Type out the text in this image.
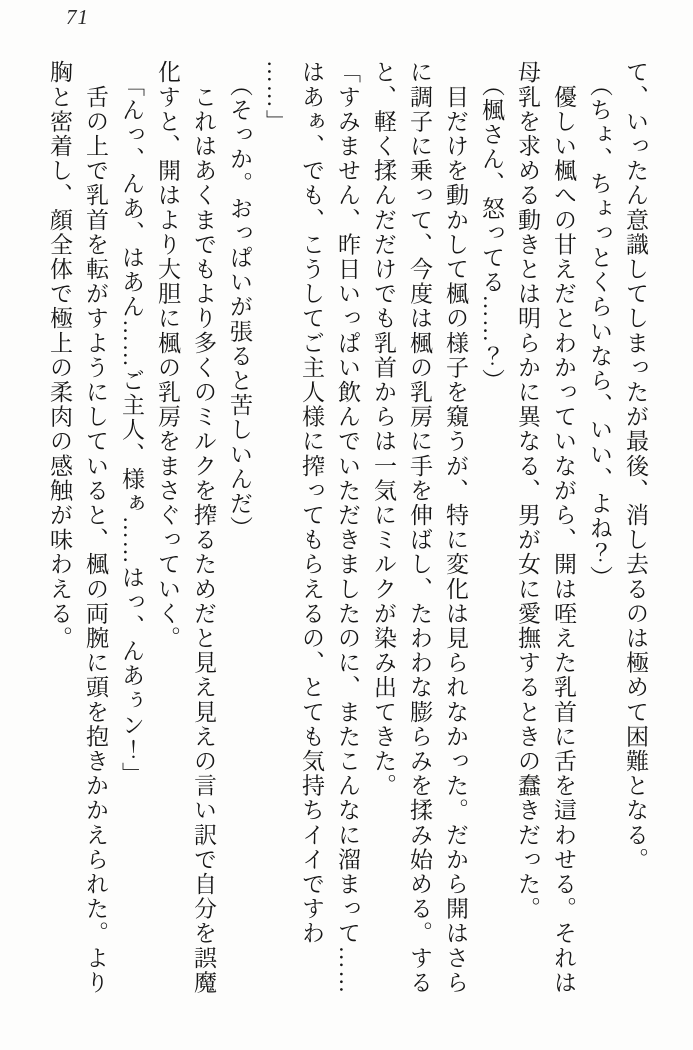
71

て、いったん意識してしまったが最後、消し去るのは極めて困難となる。

　（ちょ、ちょっとくらいなら、いい、よね？）

　優しい楓への甘えだとわかっていながら、開は咥えた乳首に舌を這わせる。それは

母乳を求める動きとは明らかに異なる、男が女に愛撫するときの蠢きだった。

　（楓さん、怒ってる……？）

　目だけを動かして楓の様子を窺うが、特に変化は見られなかった。だから開はさら

に調子に乗って、今度は楓の乳房に手を伸ばし、たわわな膨らみを揉み始める。する

と、軽く揉んだだけでも乳首からは一気にミルクが染み出てきた。

「すみません、昨日いっぱい飲んでいただきましたのに、またこんなに溜まって……

はあぁ、でも、こうしてご主人様に搾ってもらえるの、とても気持ちイイですわ

……」

　（そっか。おっぱいが張ると苦しいんだ）

　これはあくまでもより多くのミルクを搾るためだと見え見えの言い訳で自分を誤魔

化すと、開はより大胆に楓の乳房をまさぐっていく。

　「んっ、んあ、はあん……ご主人、様ぁ……はっ、んあぅン！」

　舌の上で乳首を転がすようにしていると、楓の両腕に頭を抱きかかえられた。より

胸と密着し、顔全体で極上の柔肉の感触が味わえる。
